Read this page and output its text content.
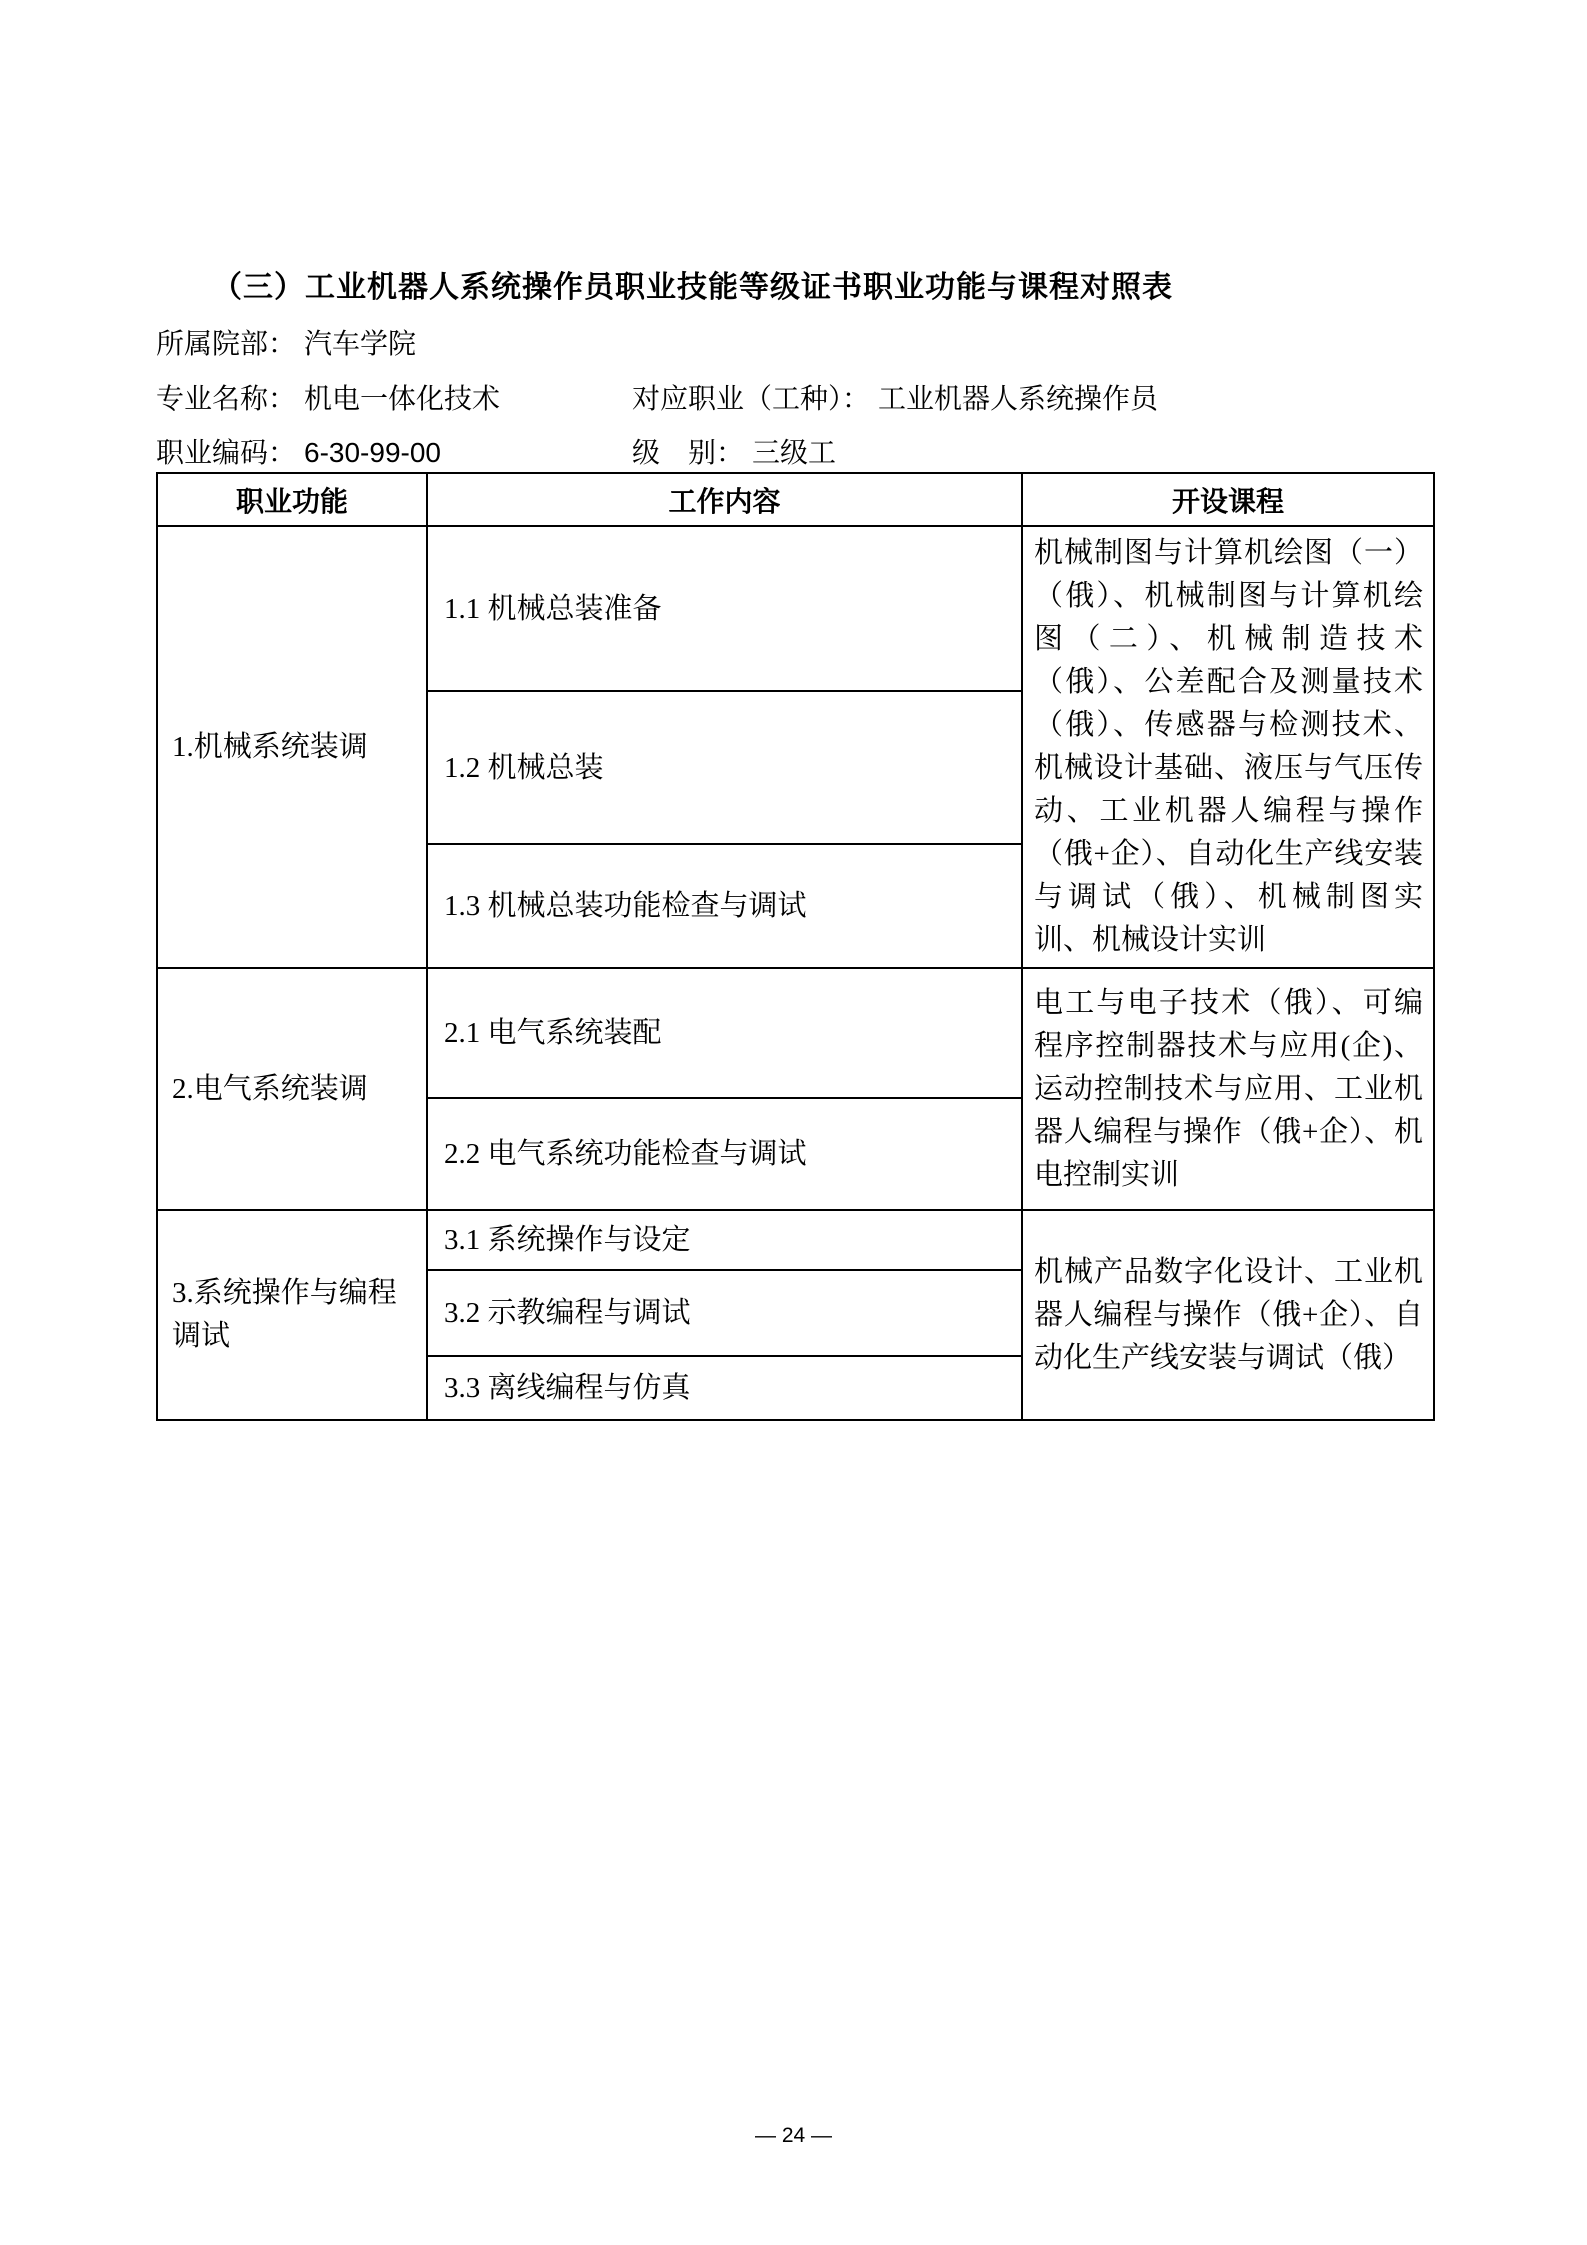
（三）工业机器人系统操作员职业技能等级证书职业功能与课程对照表
所属院部： 汽车学院
专业名称： 机电一体化技术	对应职业（工种）： 工业机器人系统操作员
职业编码： 6-30-99-00	级　别： 三级工
职业功能	工作内容	开设课程
1.机械系统装调	1.1 机械总装准备	机械制图与计算机绘图（一）（俄）、机械制图与计算机绘图（二）、机械制造技术（俄）、公差配合及测量技术（俄）、传感器与检测技术、机械设计基础、液压与气压传动、工业机器人编程与操作（俄+企）、自动化生产线安装与调试（俄）、机械制图实训、机械设计实训
	1.2 机械总装	
	1.3 机械总装功能检查与调试	
2.电气系统装调	2.1 电气系统装配	电工与电子技术（俄）、可编程序控制器技术与应用(企)、运动控制技术与应用、工业机器人编程与操作（俄+企）、机电控制实训
	2.2 电气系统功能检查与调试	
3.系统操作与编程调试	3.1 系统操作与设定	机械产品数字化设计、工业机器人编程与操作（俄+企）、自动化生产线安装与调试（俄）
	3.2 示教编程与调试	
	3.3 离线编程与仿真	
— 24 —
